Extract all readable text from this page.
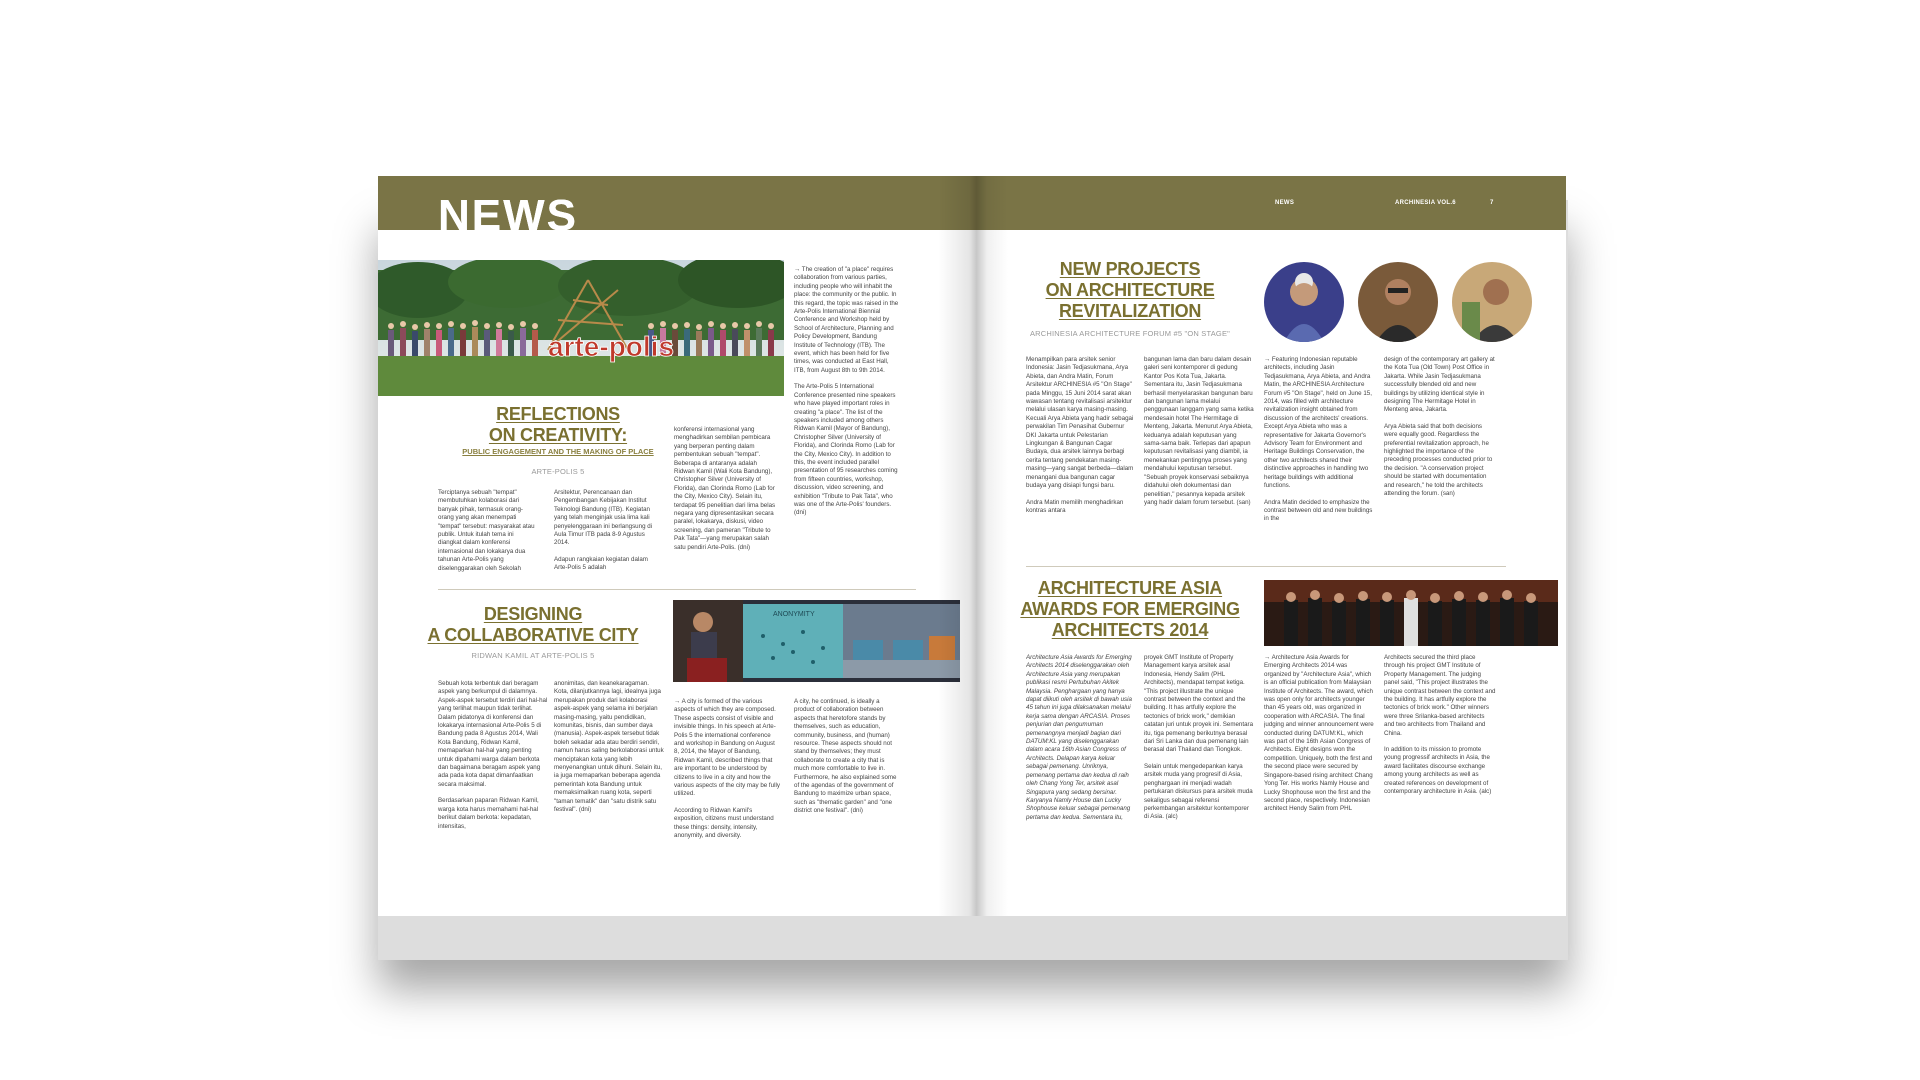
NEWS	NEWS	ARCHINESIA VOL.6	7
arte-polis
REFLECTIONS
ON CREATIVITY:
PUBLIC ENGAGEMENT AND THE MAKING OF PLACE
ARTE-POLIS 5

Terciptanya sebuah "tempat" membutuhkan kolaborasi dari banyak pihak, termasuk orang-orang yang akan menempati "tempat" tersebut: masyarakat atau publik. Untuk itulah tema ini diangkat dalam konferensi internasional dan lokakarya dua tahunan Arte-Polis yang diselenggarakan oleh Sekolah

Arsitektur, Perencanaan dan Pengembangan Kebijakan Institut Teknologi Bandung (ITB). Kegiatan yang telah menginjak usia lima kali penyelenggaraan ini berlangsung di Aula Timur ITB pada 8-9 Agustus 2014.

Adapun rangkaian kegiatan dalam Arte-Polis 5 adalah

konferensi internasional yang menghadirkan sembilan pembicara yang berperan penting dalam pembentukan sebuah "tempat". Beberapa di antaranya adalah Ridwan Kamil (Wali Kota Bandung), Christopher Silver (University of Florida), dan Clorinda Romo (Lab for the City, Mexico City). Selain itu, terdapat 95 penelitian dari lima belas negara yang dipresentasikan secara paralel, lokakarya, diskusi, video screening, dan pameran "Tribute to Pak Tata"—yang merupakan salah satu pendiri Arte-Polis. (dni)

→ The creation of "a place" requires collaboration from various parties, including people who will inhabit the place: the community or the public. In this regard, the topic was raised in the Arte-Polis International Biennial Conference and Workshop held by School of Architecture, Planning and Policy Development, Bandung Institute of Technology (ITB). The event, which has been held for five times, was conducted at East Hall, ITB, from August 8th to 9th 2014.

The Arte-Polis 5 International Conference presented nine speakers who have played important roles in creating "a place". The list of the speakers included among others Ridwan Kamil (Mayor of Bandung), Christopher Silver (University of Florida), and Clorinda Romo (Lab for the City, Mexico City). In addition to this, the event included parallel presentation of 95 researches coming from fifteen countries, workshop, discussion, video screening, and exhibition "Tribute to Pak Tata", who was one of the Arte-Polis' founders. (dni)

DESIGNING
A COLLABORATIVE CITY
RIDWAN KAMIL AT ARTE-POLIS 5
ANONYMITY

Sebuah kota terbentuk dari beragam aspek yang berkumpul di dalamnya. Aspek-aspek tersebut terdiri dari hal-hal yang terlihat maupun tidak terlihat. Dalam pidatonya di konferensi dan lokakarya internasional Arte-Polis 5 di Bandung pada 8 Agustus 2014, Wali Kota Bandung, Ridwan Kamil, memaparkan hal-hal yang penting untuk dipahami warga dalam berkota dan bagaimana beragam aspek yang ada pada kota dapat dimanfaatkan secara maksimal.

Berdasarkan paparan Ridwan Kamil, warga kota harus memahami hal-hal berikut dalam berkota: kepadatan, intensitas,

anonimitas, dan keanekaragaman. Kota, dilanjutkannya lagi, idealnya juga merupakan produk dari kolaborasi aspek-aspek yang selama ini berjalan masing-masing, yaitu pendidikan, komunitas, bisnis, dan sumber daya (manusia). Aspek-aspek tersebut tidak boleh sekadar ada atau berdiri sendiri, namun harus saling berkolaborasi untuk menciptakan kota yang lebih menyenangkan untuk dihuni. Selain itu, ia juga memaparkan beberapa agenda pemerintah kota Bandung untuk memaksimalkan ruang kota, seperti "taman tematik" dan "satu distrik satu festival". (dni)

→ A city is formed of the various aspects of which they are composed. These aspects consist of visible and invisible things. In his speech at Arte-Polis 5 the international conference and workshop in Bandung on August 8, 2014, the Mayor of Bandung, Ridwan Kamil, described things that are important to be understood by citizens to live in a city and how the various aspects of the city may be fully utilized.

According to Ridwan Kamil's exposition, citizens must understand these things: density, intensity, anonymity, and diversity.

A city, he continued, is ideally a product of collaboration between aspects that heretofore stands by themselves, such as education, community, business, and (human) resource. These aspects should not stand by themselves; they must collaborate to create a city that is much more comfortable to live in. Furthermore, he also explained some of the agendas of the government of Bandung to maximize urban space, such as "thematic garden" and "one district one festival". (dni)

NEW PROJECTS
ON ARCHITECTURE
REVITALIZATION
ARCHINESIA ARCHITECTURE FORUM #5 "ON STAGE"

Menampilkan para arsitek senior Indonesia: Jasin Tedjasukmana, Arya Abieta, dan Andra Matin, Forum Arsitektur ARCHINESIA #5 "On Stage" pada Minggu, 15 Juni 2014 sarat akan wawasan tentang revitalisasi arsitektur melalui ulasan karya masing-masing. Kecuali Arya Abieta yang hadir sebagai perwakilan Tim Penasihat Gubernur DKI Jakarta untuk Pelestarian Lingkungan & Bangunan Cagar Budaya, dua arsitek lainnya berbagi cerita tentang pendekatan masing-masing—yang sangat berbeda—dalam menangani dua bangunan cagar budaya yang disiapi fungsi baru.

Andra Matin memilih menghadirkan kontras antara

bangunan lama dan baru dalam desain galeri seni kontemporer di gedung Kantor Pos Kota Tua, Jakarta. Sementara itu, Jasin Tedjasukmana berhasil menyelaraskan bangunan baru dan bangunan lama melalui penggunaan langgam yang sama ketika mendesain hotel The Hermitage di Menteng, Jakarta. Menurut Arya Abieta, keduanya adalah keputusan yang sama-sama baik. Terlepas dari apapun keputusan revitalisasi yang diambil, ia menekankan pentingnya proses yang mendahului keputusan tersebut. "Sebuah proyek konservasi sebaiknya didahului oleh dokumentasi dan penelitian," pesannya kepada arsitek yang hadir dalam forum tersebut. (san)

→ Featuring Indonesian reputable architects, including Jasin Tedjasukmana, Arya Abieta, and Andra Matin, the ARCHINESIA Architecture Forum #5 "On Stage", held on June 15, 2014, was filled with architecture revitalization insight obtained from discussion of the architects' creations. Except Arya Abieta who was a representative for Jakarta Governor's Advisory Team for Environment and Heritage Buildings Conservation, the other two architects shared their distinctive approaches in handling two heritage buildings with additional functions.

Andra Matin decided to emphasize the contrast between old and new buildings in the

design of the contemporary art gallery at the Kota Tua (Old Town) Post Office in Jakarta. While Jasin Tedjasukmana successfully blended old and new buildings by utilizing identical style in designing The Hermitage Hotel in Menteng area, Jakarta.

Arya Abieta said that both decisions were equally good. Regardless the preferential revitalization approach, he highlighted the importance of the preceding processes conducted prior to the decision. "A conservation project should be started with documentation and research," he told the architects attending the forum. (san)

ARCHITECTURE ASIA
AWARDS FOR EMERGING
ARCHITECTS 2014

Architecture Asia Awards for Emerging Architects 2014 diselenggarakan oleh Architecture Asia yang merupakan publikasi resmi Pertubuhan Akitek Malaysia. Penghargaan yang hanya dapat diikuti oleh arsitek di bawah usia 45 tahun ini juga dilaksanakan melalui kerja sama dengan ARCASIA. Proses penjurian dan pengumuman pemenangnya menjadi bagian dari DATUM:KL yang diselenggarakan dalam acara 16th Asian Congress of Architects. Delapan karya keluar sebagai pemenang. Unriknya, pemenang pertama dan kedua di raih oleh Chang Yong Ter, arsitek asal Singapura yang sedang bersinar. Karyanya Namly House dan Lucky Shophouse keluar sebagai pemenang pertama dan kedua. Sementara itu,

proyek GMT Institute of Property Management karya arsitek asal Indonesia, Hendy Salim (PHL Architects), mendapat tempat ketiga. "This project illustrate the unique contrast between the context and the building. It has artfully explore the tectonics of brick work," demikian catatan juri untuk proyek ini. Sementara itu, tiga pemenang berikutnya berasal dari Sri Lanka dan dua pemenang lain berasal dari Thailand dan Tiongkok.

Selain untuk mengedepankan karya arsitek muda yang progresif di Asia, penghargaan ini menjadi wadah pertukaran diskursus para arsitek muda sekaligus sebagai referensi perkembangan arsitektur kontemporer di Asia. (alc)

→ Architecture Asia Awards for Emerging Architects 2014 was organized by "Architecture Asia", which is an official publication from Malaysian Institute of Architects. The award, which was open only for architects younger than 45 years old, was organized in cooperation with ARCASIA. The final judging and winner announcement were conducted during DATUM:KL, which was part of the 16th Asian Congress of Architects. Eight designs won the competition. Uniquely, both the first and the second place were secured by Singapore-based rising architect Chang Yong Ter. His works Namly House and Lucky Shophouse won the first and the second place, respectively. Indonesian architect Hendy Salim from PHL

Architects secured the third place through his project GMT Institute of Property Management. The judging panel said, "This project illustrates the unique contrast between the context and the building. It has artfully explore the tectonics of brick work." Other winners were three Srilanka-based architects and two architects from Thailand and China.

In addition to its mission to promote young progressif architects in Asia, the award facilitates discourse exchange among young architects as well as created references on development of contemporary architecture in Asia. (alc)
